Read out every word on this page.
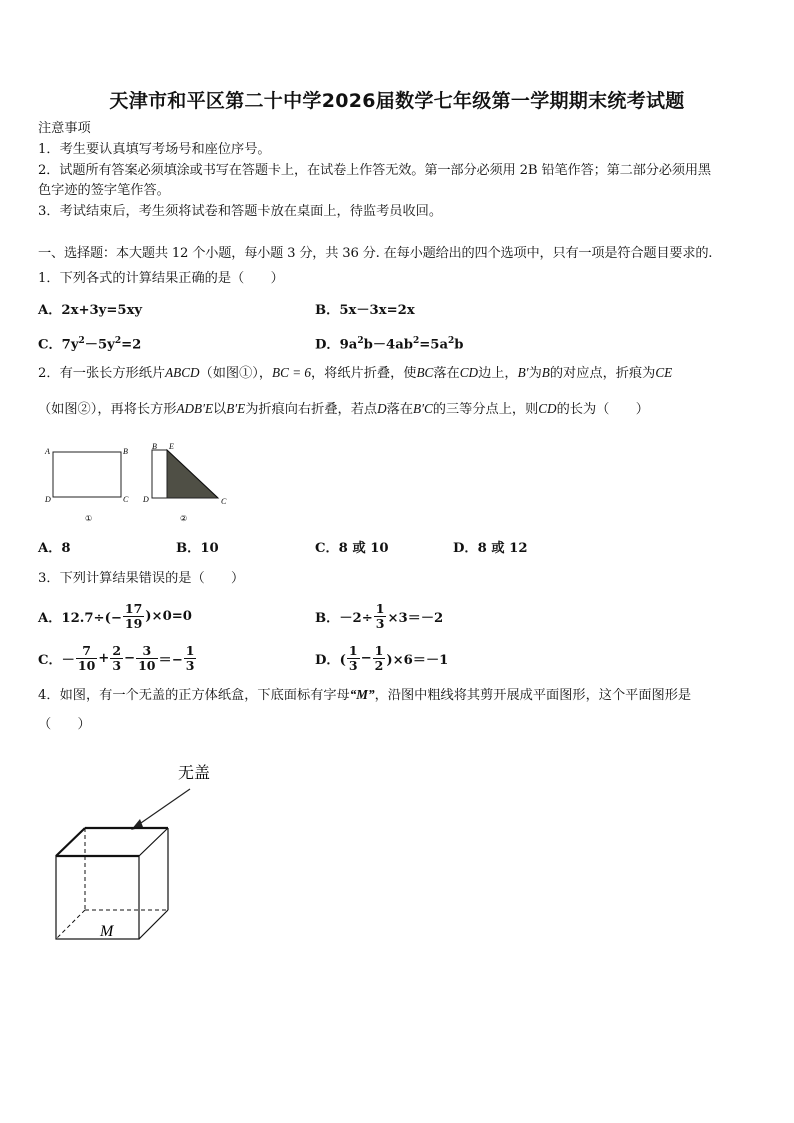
天津市和平区第二十中学2026届数学七年级第一学期期末统考试题
注意事项
1．考生要认真填写考场号和座位序号。
2．试题所有答案必须填涂或书写在答题卡上，在试卷上作答无效。第一部分必须用 2B 铅笔作答；第二部分必须用黑
色字迹的签字笔作答。
3．考试结束后，考生须将试卷和答题卡放在桌面上，待监考员收回。
一、选择题：本大题共 12 个小题，每小题 3 分，共 36 分. 在每小题给出的四个选项中，只有一项是符合题目要求的.
1．下列各式的计算结果正确的是（　　）
A．2x+3y=5xy	B．5x－3x=2x
C．$7y^2-5y^2=2$	D．$9a^2b-4ab^2=5a^2b$
2．有一张长方形纸片ABCD（如图①），BC = 6，将纸片折叠，使BC落在CD边上，B′为B的对应点，折痕为CE
（如图②），再将长方形ADB′E以B′E为折痕向右折叠，若点D落在B′C的三等分点上，则CD的长为（　　）
A	B
D	C
①
D
B E
C
②
A．8	B．10	C．8 或 10	D．8 或 12
3．下列计算结果错误的是（　　）
A．$12.7\div(- \frac{17}{19} )\times 0=0$	B．$-2\div \frac{1}{3} \times 3=-2$
C．－ $\frac{7}{10} + \frac{2}{3} - \frac{3}{10} =- \frac{1}{3}$	D．( $\frac{1}{3} - \frac{1}{2} )\times 6=-1$
4．如图，有一个无盖的正方体纸盒，下底面标有字母“M”，沿图中粗线将其剪开展成平面图形，这个平面图形是
（　　）
无盖
M
